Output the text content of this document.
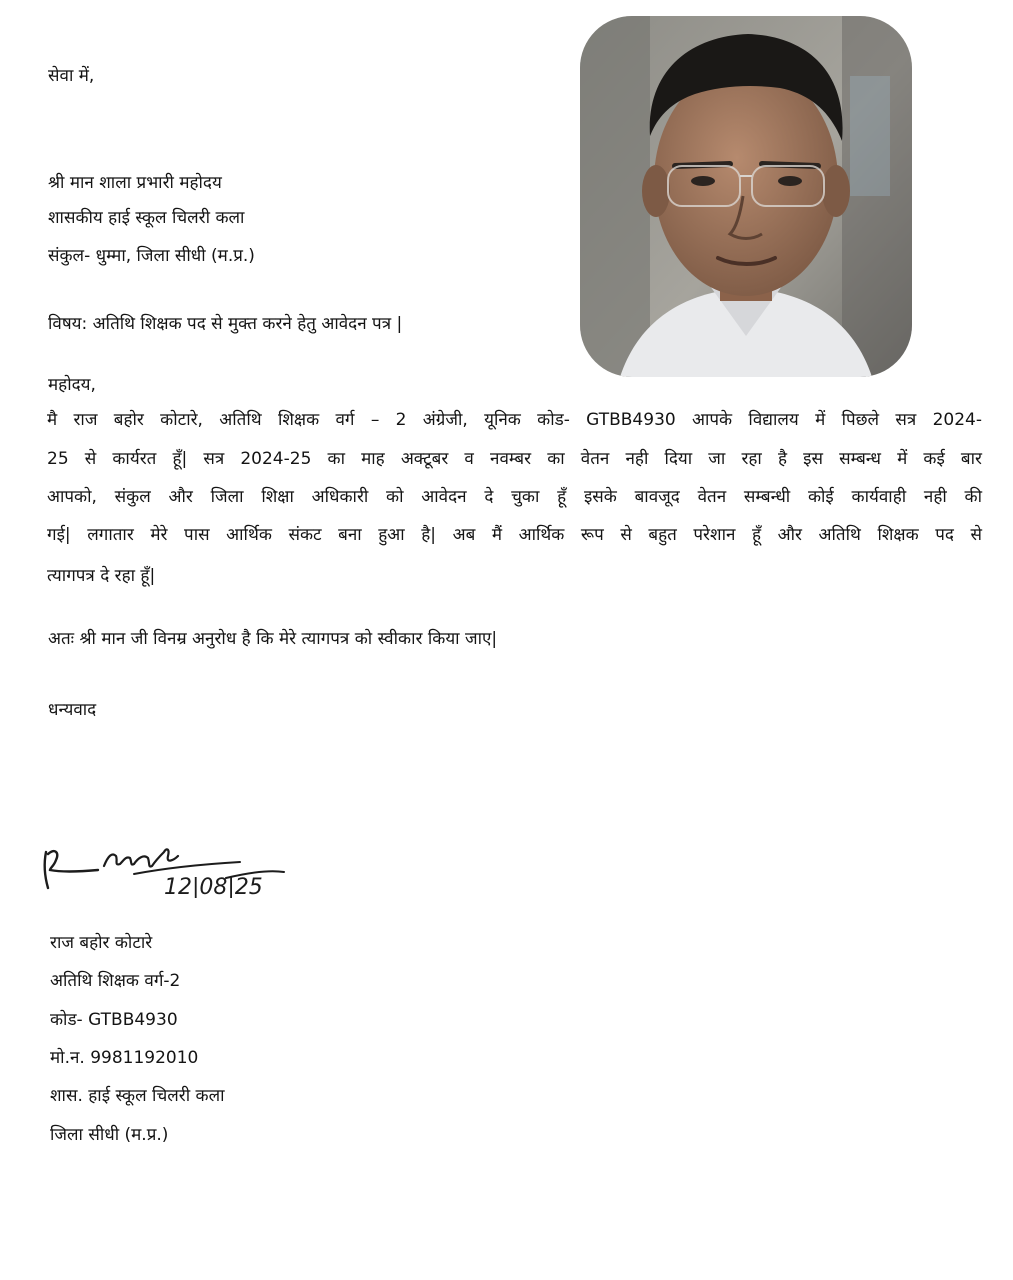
सेवा में,

श्री मान शाला प्रभारी महोदय

शासकीय हाई स्कूल चिलरी कला

संकुल- धुम्मा, जिला सीधी (म.प्र.)

विषय: अतिथि शिक्षक पद से मुक्त करने हेतु आवेदन पत्र |

महोदय,

मै राज बहोर कोटारे, अतिथि शिक्षक वर्ग – 2 अंग्रेजी, यूनिक कोड- GTBB4930 आपके विद्यालय में पिछले सत्र 2024-

25 से कार्यरत हूँ| सत्र 2024-25 का माह अक्टूबर व नवम्बर का वेतन नही दिया जा रहा है इस सम्बन्ध में कई बार

आपको, संकुल और जिला शिक्षा अधिकारी को आवेदन दे चुका हूँ इसके बावजूद वेतन सम्बन्धी कोई कार्यवाही नही की

गई| लगातार मेरे पास आर्थिक संकट बना हुआ है| अब मैं आर्थिक रूप से बहुत परेशान हूँ और अतिथि शिक्षक पद से

त्यागपत्र दे रहा हूँ|

अतः श्री मान जी विनम्र अनुरोध है कि मेरे त्यागपत्र को स्वीकार किया जाए|

धन्यवाद

12|08|25

राज बहोर कोटारे

अतिथि शिक्षक वर्ग-2

कोड- GTBB4930

मो.न. 9981192010

शास. हाई स्कूल चिलरी कला

जिला सीधी (म.प्र.)
